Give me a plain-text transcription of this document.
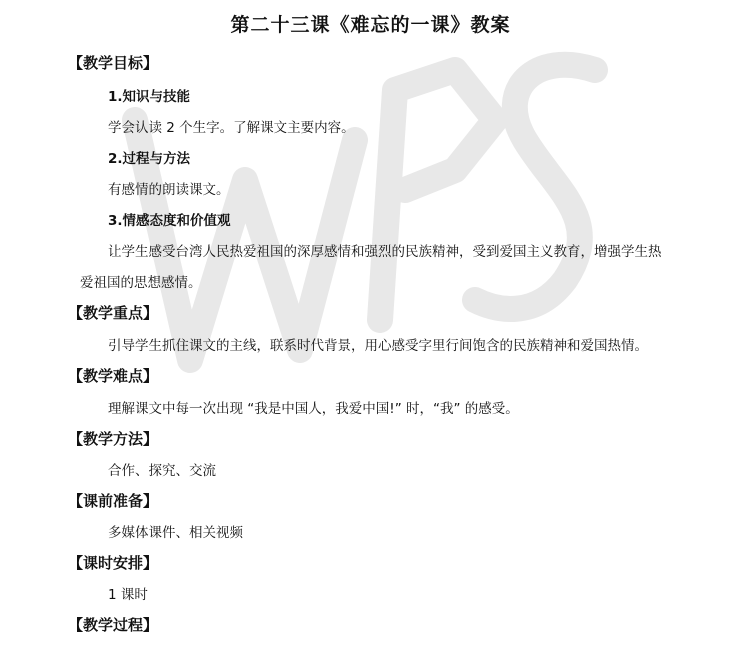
第二十三课《难忘的一课》教案
【教学目标】
1.知识与技能
学会认读 2 个生字。了解课文主要内容。
2.过程与方法
有感情的朗读课文。
3.情感态度和价值观
让学生感受台湾人民热爱祖国的深厚感情和强烈的民族精神，受到爱国主义教育，增强学生热
爱祖国的思想感情。
【教学重点】
引导学生抓住课文的主线，联系时代背景，用心感受字里行间饱含的民族精神和爱国热情。
【教学难点】
理解课文中每一次出现 “我是中国人，我爱中国!” 时，“我” 的感受。
【教学方法】
合作、探究、交流
【课前准备】
多媒体课件、相关视频
【课时安排】
1 课时
【教学过程】
